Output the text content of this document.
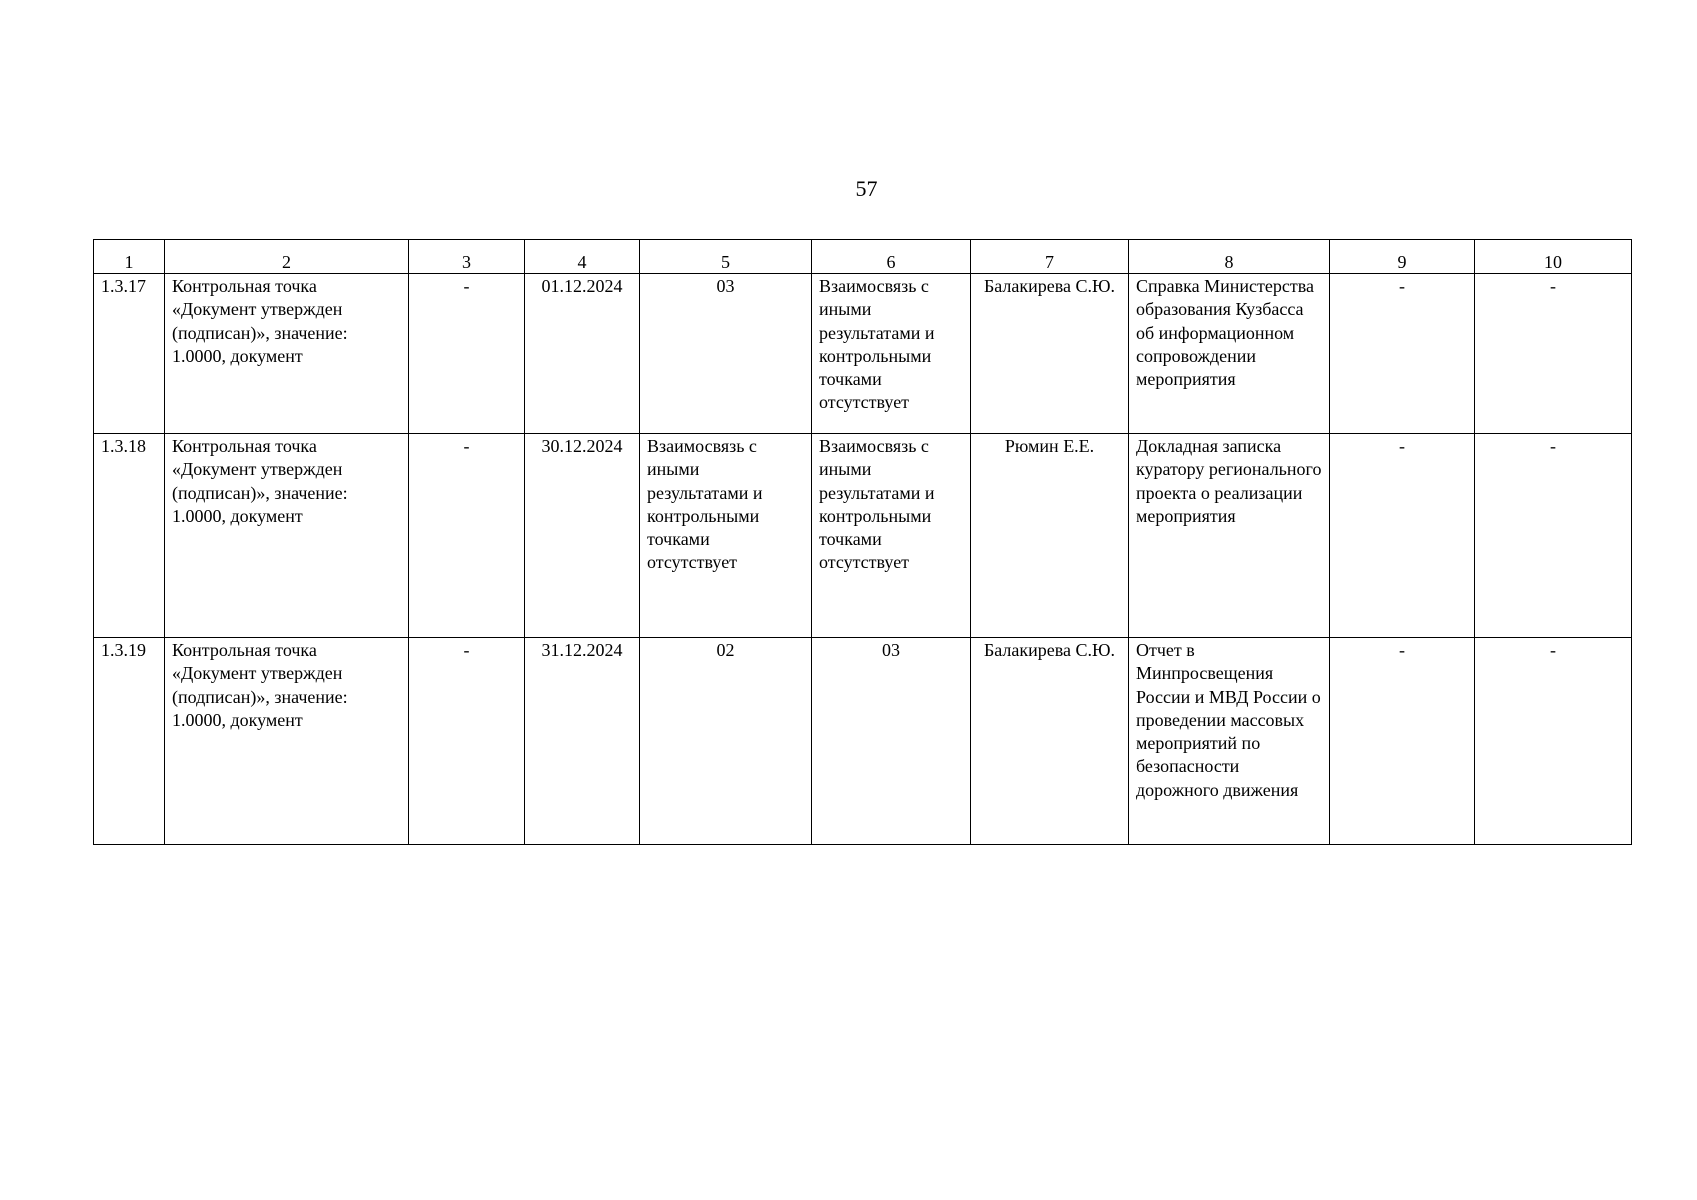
57
1	2	3	4	5	6	7	8	9	10
1.3.17	Контрольная точка «Документ утвержден (подписан)», значение: 1.0000, документ	-	01.12.2024	03	Взаимосвязь с иными результатами и контрольными точками отсутствует	Балакирева С.Ю.	Справка Министерства образования Кузбасса об информационном сопровождении мероприятия	-	-
1.3.18	Контрольная точка «Документ утвержден (подписан)», значение: 1.0000, документ	-	30.12.2024	Взаимосвязь с иными результатами и контрольными точками отсутствует	Взаимосвязь с иными результатами и контрольными точками отсутствует	Рюмин Е.Е.	Докладная записка куратору регионального проекта о реализации мероприятия	-	-
1.3.19	Контрольная точка «Документ утвержден (подписан)», значение: 1.0000, документ	-	31.12.2024	02	03	Балакирева С.Ю.	Отчет в Минпросвещения России и МВД России о проведении массовых мероприятий по безопасности дорожного движения	-	-
